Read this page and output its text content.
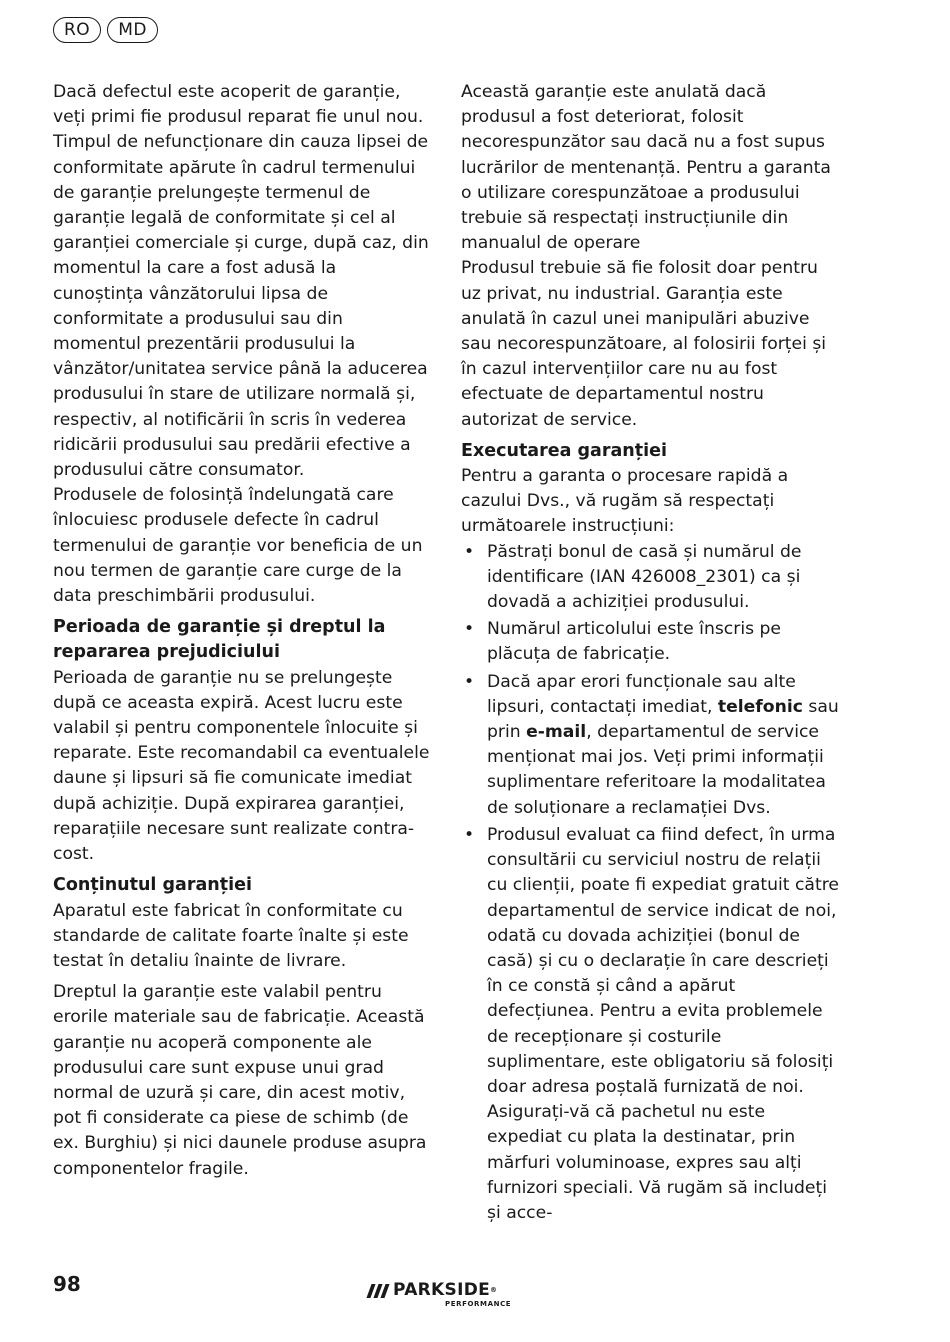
RO	MD

Dacă defectul este acoperit de garanție, veți primi fie produsul reparat fie unul nou. Timpul de nefuncționare din cauza lipsei de conformitate apărute în cadrul termenului de garanție prelungește termenul de garanție legală de conformitate și cel al garanției comerciale și curge, după caz, din momentul la care a fost adusă la cunoștința vânzătorului lipsa de conformitate a produsului sau din momentul prezentării produsului la vânzător/unitatea service până la aducerea produsului în stare de utilizare normală și, respectiv, al notificării în scris în vederea ridicării produsului sau predării efective a produsului către consumator.

Produsele de folosință îndelungată care înlocuiesc produsele defecte în cadrul termenului de garanție vor beneficia de un nou termen de garanție care curge de la data preschimbării produsului.

Perioada de garanție și dreptul la repararea prejudiciului

Perioada de garanție nu se prelungește după ce aceasta expiră. Acest lucru este valabil și pentru componentele înlocuite și reparate. Este recomandabil ca eventualele daune și lipsuri să fie comunicate imediat după achiziție. După expirarea garanției, reparațiile necesare sunt realizate contra-cost.

Conținutul garanției

Aparatul este fabricat în conformitate cu standarde de calitate foarte înalte și este testat în detaliu înainte de livrare.

Dreptul la garanție este valabil pentru erorile materiale sau de fabricație. Această garanție nu acoperă componente ale produsului care sunt expuse unui grad normal de uzură și care, din acest motiv, pot fi considerate ca piese de schimb (de ex. Burghiu) și nici daunele produse asupra componentelor fragile.

Această garanție este anulată dacă produsul a fost deteriorat, folosit necorespunzător sau dacă nu a fost supus lucrărilor de mentenanță. Pentru a garanta o utilizare corespunzătoae a produsului trebuie să respectați instrucțiunile din manualul de operare

Produsul trebuie să fie folosit doar pentru uz privat, nu industrial. Garanția este anulată în cazul unei manipulări abuzive sau necorespunzătoare, al folosirii forței și în cazul intervențiilor care nu au fost efectuate de departamentul nostru autorizat de service.

Executarea garanției

Pentru a garanta o procesare rapidă a cazului Dvs., vă rugăm să respectați următoarele instrucțiuni:

• Păstrați bonul de casă și numărul de identificare (IAN 426008_2301) ca și dovadă a achiziției produsului.
• Numărul articolului este înscris pe plăcuța de fabricație.
• Dacă apar erori funcționale sau alte lipsuri, contactați imediat, telefonic sau prin e-mail, departamentul de service menționat mai jos. Veți primi informații suplimentare referitoare la modalitatea de soluționare a reclamației Dvs.
• Produsul evaluat ca fiind defect, în urma consultării cu serviciul nostru de relații cu clienții, poate fi expediat gratuit către departamentul de service indicat de noi, odată cu dovada achiziției (bonul de casă) și cu o declarație în care descrieți în ce constă și când a apărut defecțiunea. Pentru a evita problemele de recepționare și costurile suplimentare, este obligatoriu să folosiți doar adresa poștală furnizată de noi. Asigurați-vă că pachetul nu este expediat cu plata la destinatar, prin mărfuri voluminoase, expres sau alți furnizori speciali. Vă rugăm să includeți și acce-
98	PARKSIDE®
PERFORMANCE
